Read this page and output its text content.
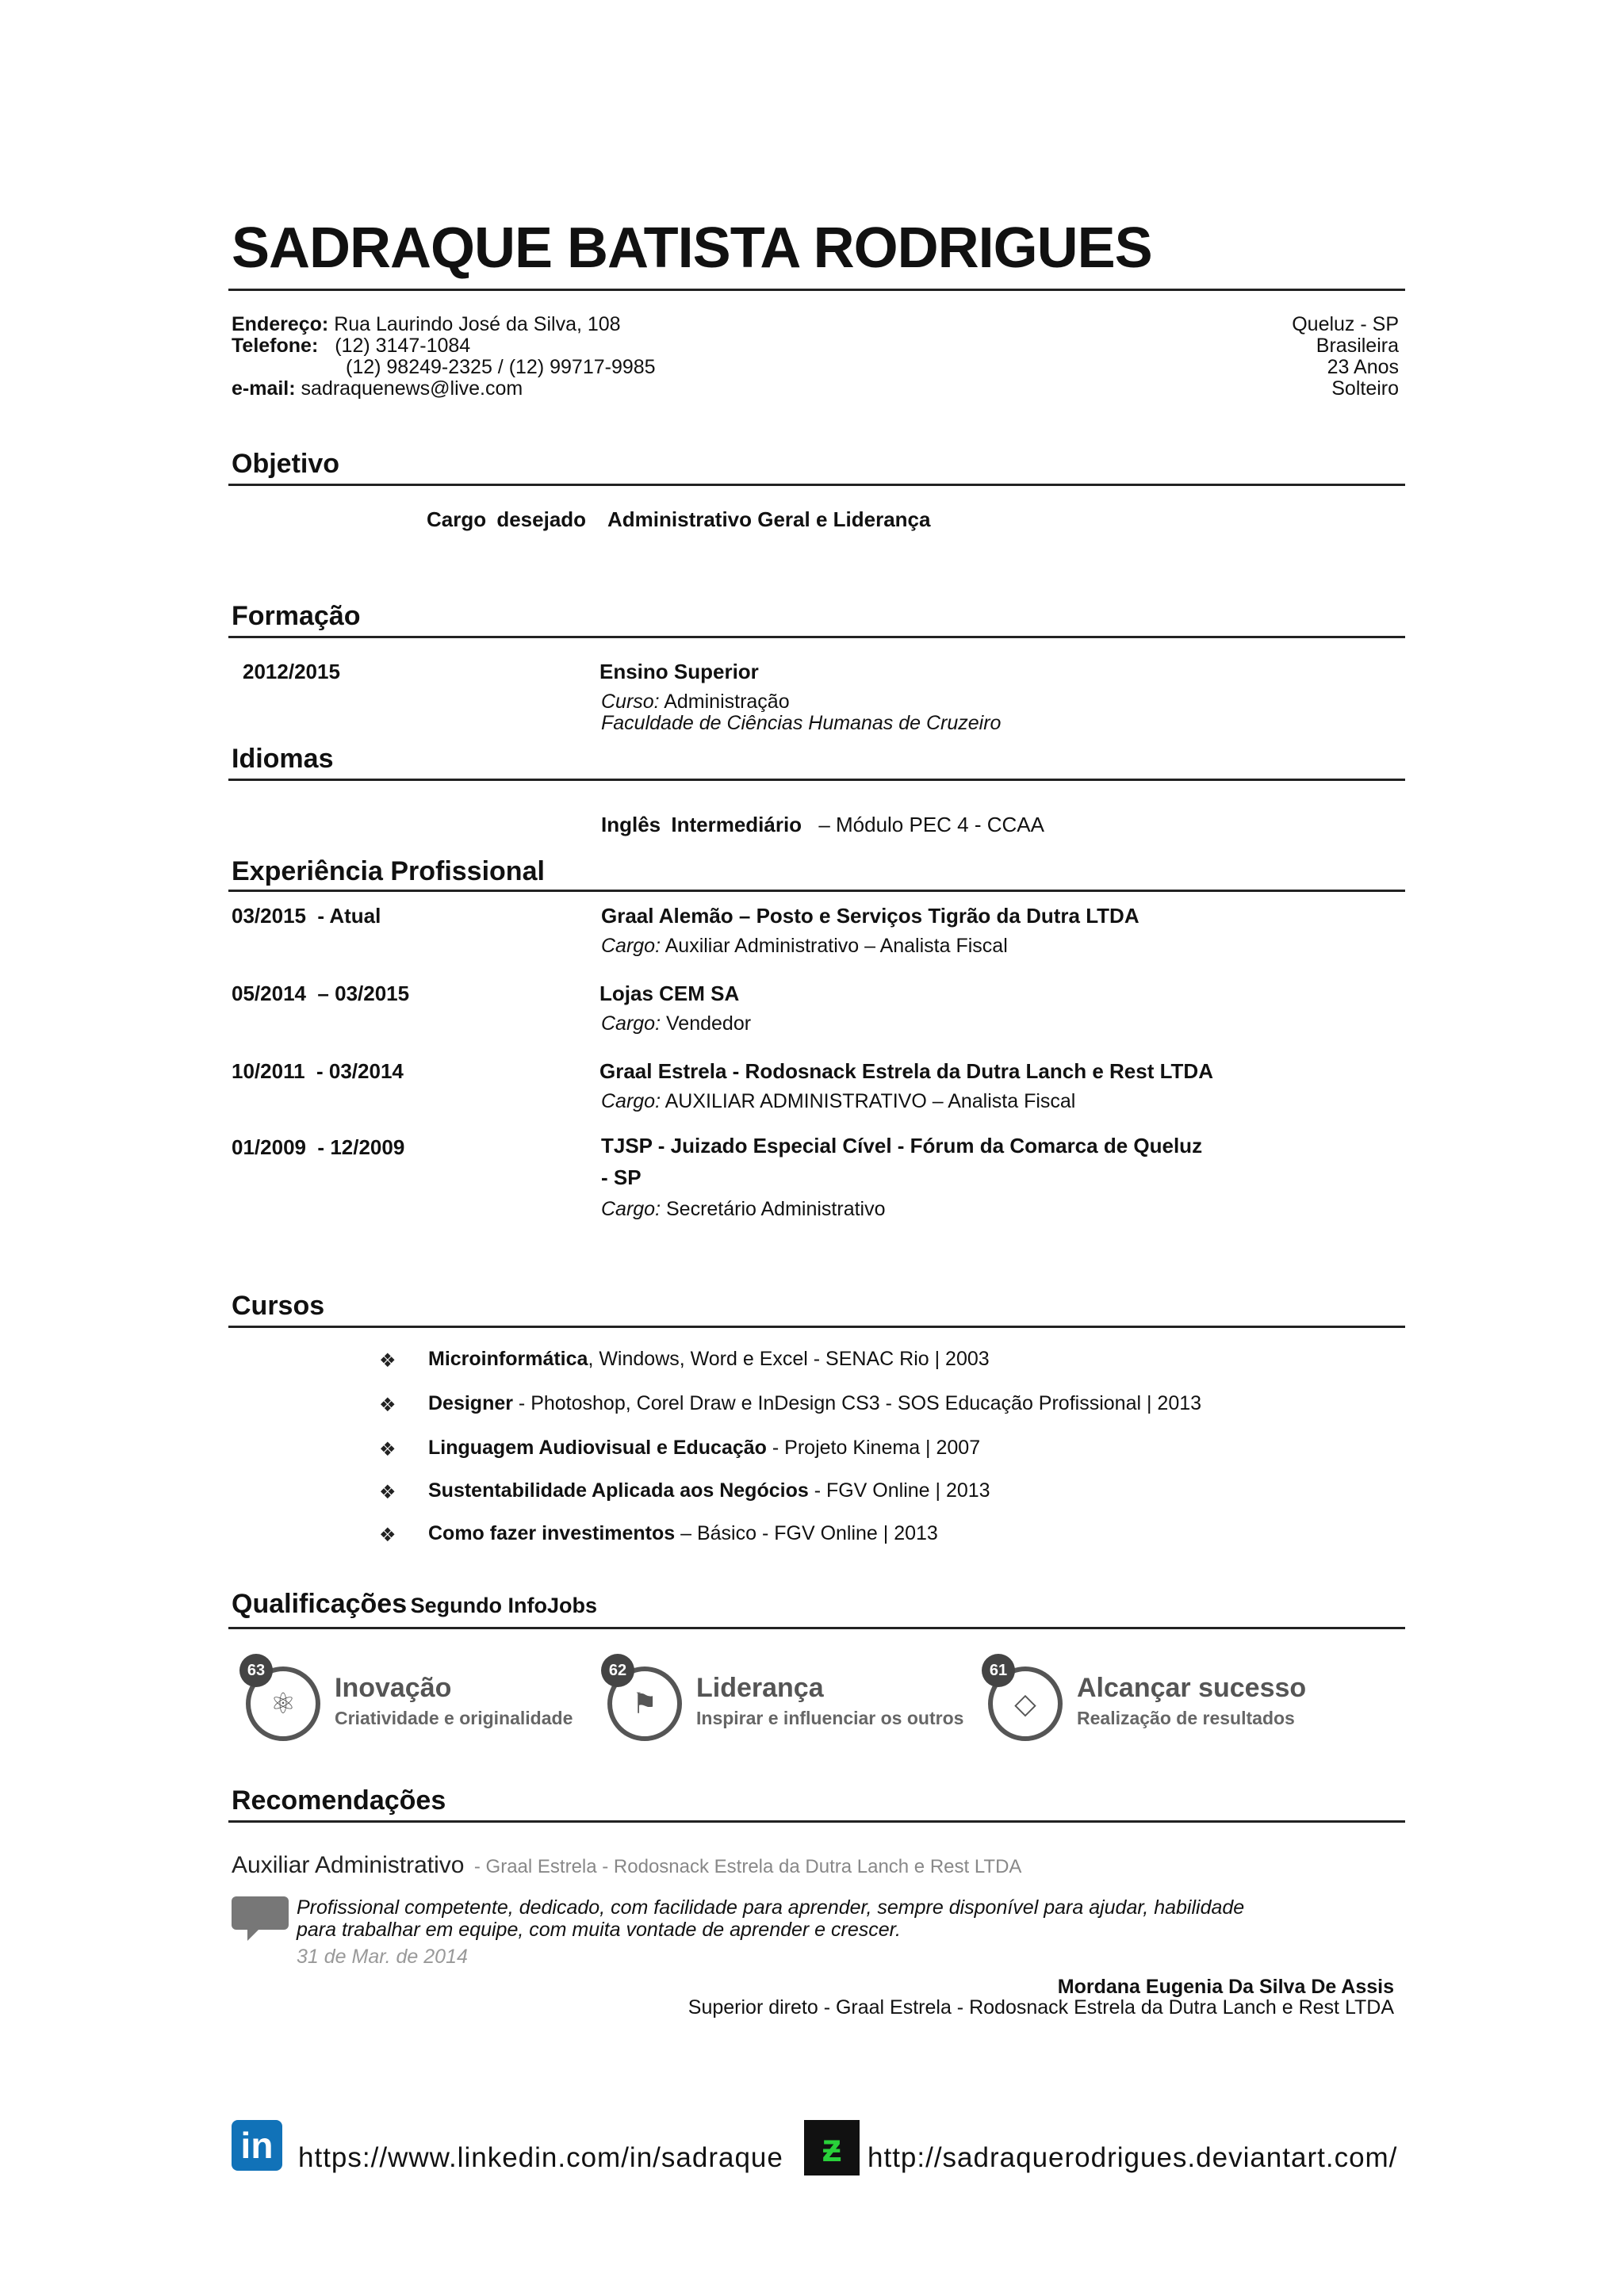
SADRAQUE BATISTA RODRIGUES
Endereço: Rua Laurindo José da Silva, 108
Telefone: (12) 3147-1084
(12) 98249-2325 / (12) 99717-9985
e-mail: sadraquenews@live.com
Queluz - SP
Brasileira
23 Anos
Solteiro
Objetivo
Cargo desejado Administrativo Geral e Liderança
Formação
2012/2015	Ensino Superior
Curso: Administração
Faculdade de Ciências Humanas de Cruzeiro
Idiomas
Inglês Intermediário – Módulo PEC 4 - CCAA
Experiência Profissional
03/2015  - Atual	Graal Alemão – Posto e Serviços Tigrão da Dutra LTDA
Cargo: Auxiliar Administrativo – Analista Fiscal
05/2014  – 03/2015	Lojas CEM SA
Cargo: Vendedor
10/2011  - 03/2014	Graal Estrela - Rodosnack Estrela da Dutra Lanch e Rest LTDA
Cargo: AUXILIAR ADMINISTRATIVO – Analista Fiscal
01/2009  - 12/2009	TJSP - Juizado Especial Cível - Fórum da Comarca de Queluz
- SP
Cargo: Secretário Administrativo
Cursos
❖ Microinformática, Windows, Word e Excel - SENAC Rio | 2003
❖ Designer - Photoshop, Corel Draw e InDesign CS3 - SOS Educação Profissional | 2013
❖ Linguagem Audiovisual e Educação - Projeto Kinema | 2007
❖ Sustentabilidade Aplicada aos Negócios - FGV Online | 2013
❖ Como fazer investimentos – Básico - FGV Online | 2013
Qualificações Segundo InfoJobs
⚛
63
Inovação
Criatividade e originalidade	⚑
62
Liderança
Inspirar e influenciar os outros	◇
61
Alcançar sucesso
Realização de resultados
Recomendações
Auxiliar Administrativo - Graal Estrela - Rodosnack Estrela da Dutra Lanch e Rest LTDA
Profissional competente, dedicado, com facilidade para aprender, sempre disponível para ajudar, habilidade
para trabalhar em equipe, com muita vontade de aprender e crescer.
31 de Mar. de 2014
Mordana Eugenia Da Silva De Assis
Superior direto - Graal Estrela - Rodosnack Estrela da Dutra Lanch e Rest LTDA
in https://www.linkedin.com/in/sadraque ƶ http://sadraquerodrigues.deviantart.com/
